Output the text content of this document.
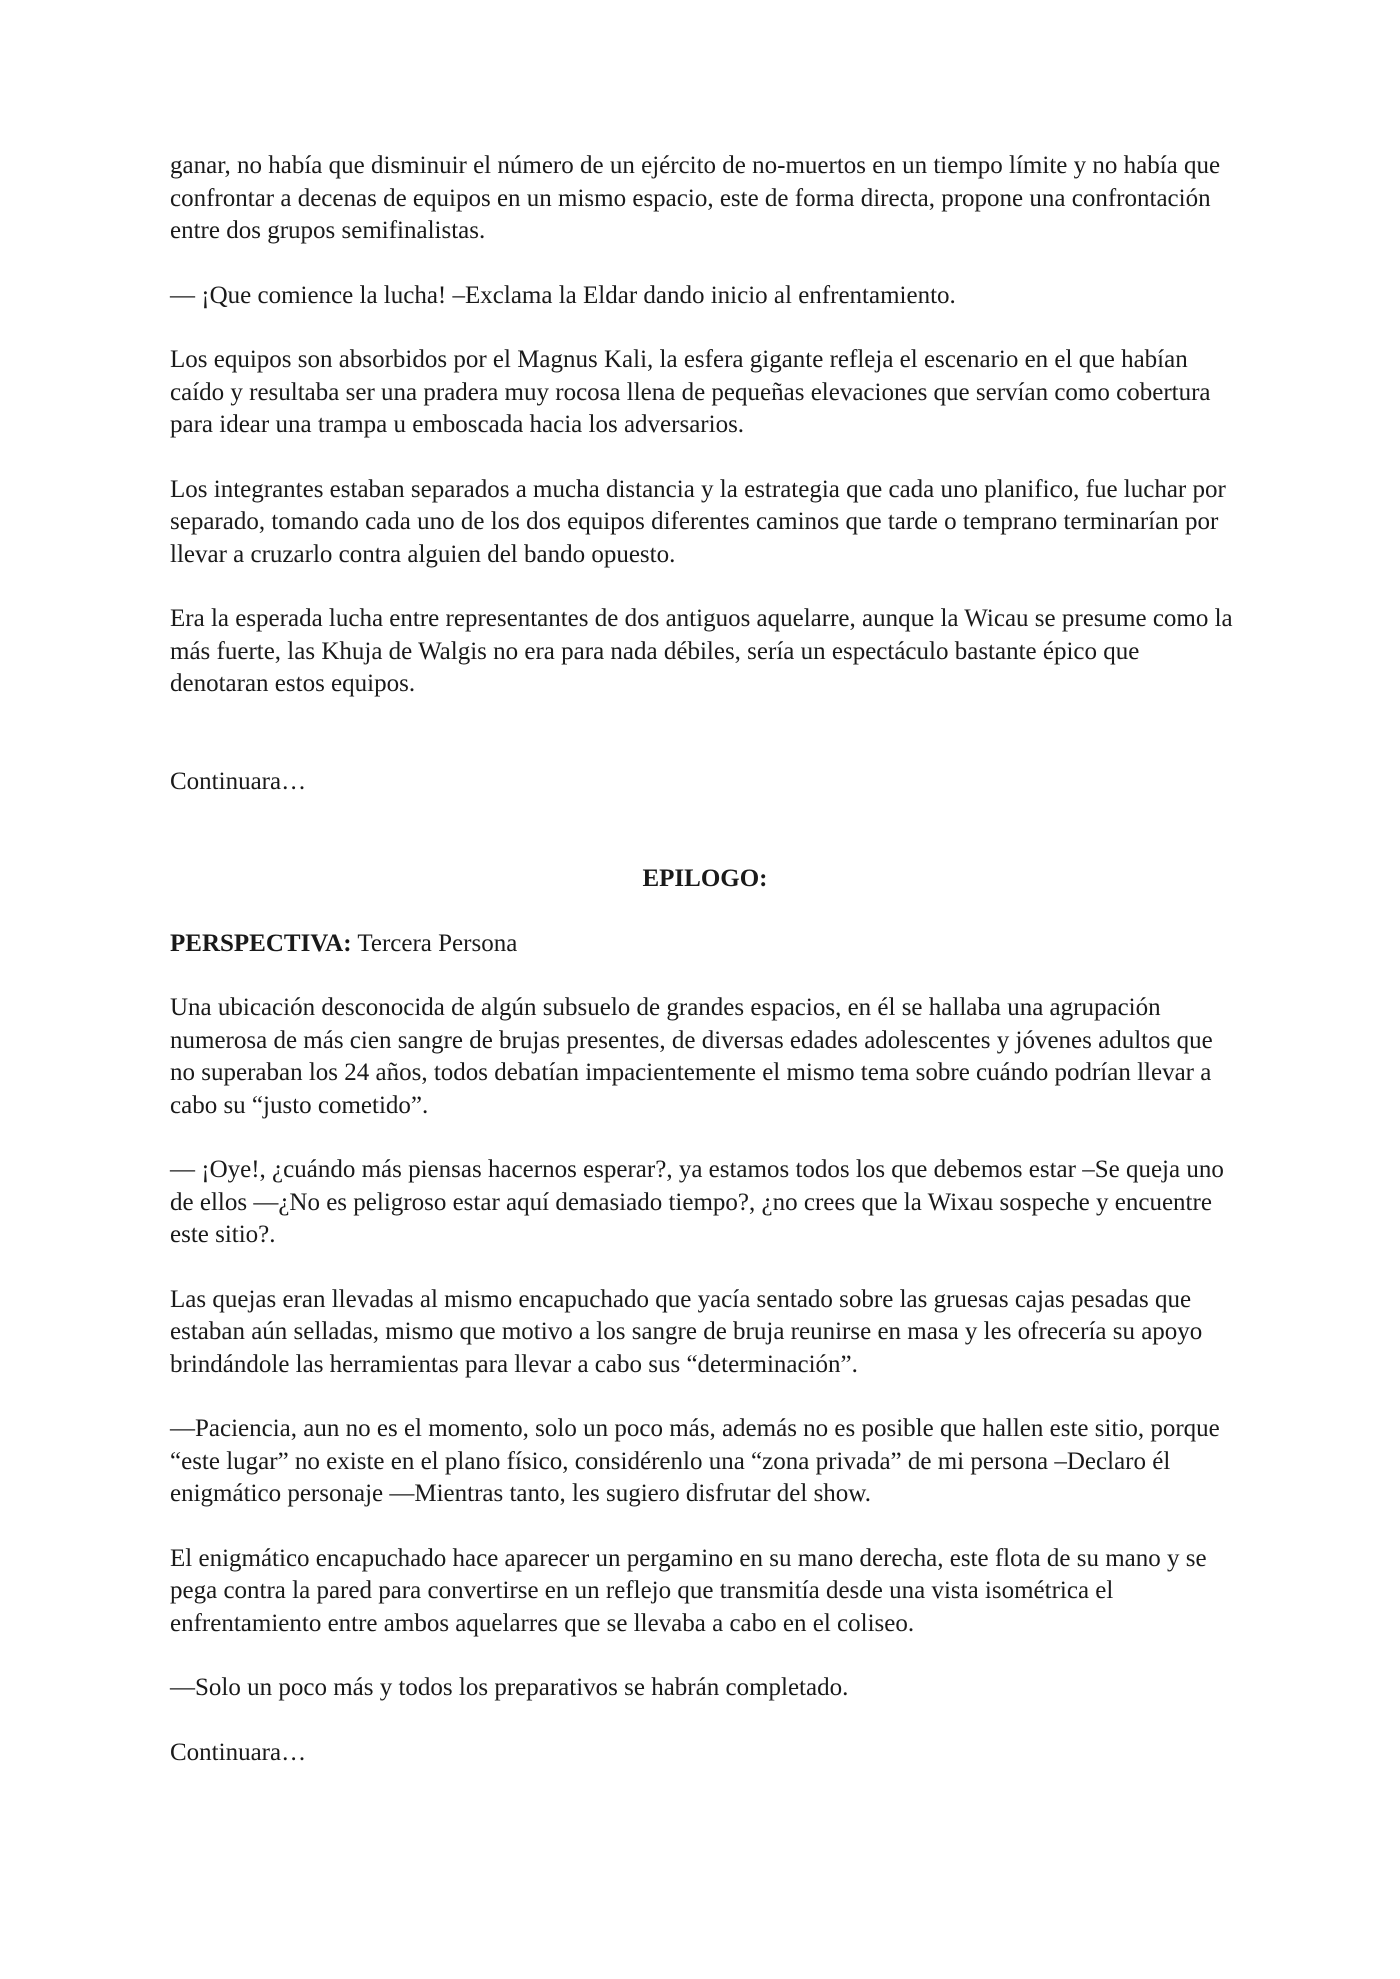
ganar, no había que disminuir el número de un ejército de no-muertos en un tiempo límite y no había que confrontar a decenas de equipos en un mismo espacio, este de forma directa, propone una confrontación entre dos grupos semifinalistas.

— ¡Que comience la lucha! –Exclama la Eldar dando inicio al enfrentamiento.

Los equipos son absorbidos por el Magnus Kali, la esfera gigante refleja el escenario en el que habían caído y resultaba ser una pradera muy rocosa llena de pequeñas elevaciones que servían como cobertura para idear una trampa u emboscada hacia los adversarios.

Los integrantes estaban separados a mucha distancia y la estrategia que cada uno planifico, fue luchar por separado, tomando cada uno de los dos equipos diferentes caminos que tarde o temprano terminarían por llevar a cruzarlo contra alguien del bando opuesto.

Era la esperada lucha entre representantes de dos antiguos aquelarre, aunque la Wicau se presume como la más fuerte, las Khuja de Walgis no era para nada débiles, sería un espectáculo bastante épico que denotaran estos equipos.

Continuara…

EPILOGO:

PERSPECTIVA: Tercera Persona

Una ubicación desconocida de algún subsuelo de grandes espacios, en él se hallaba una agrupación numerosa de más cien sangre de brujas presentes, de diversas edades adolescentes y jóvenes adultos que no superaban los 24 años, todos debatían impacientemente el mismo tema sobre cuándo podrían llevar a cabo su “justo cometido”.

— ¡Oye!, ¿cuándo más piensas hacernos esperar?, ya estamos todos los que debemos estar –Se queja uno de ellos —¿No es peligroso estar aquí demasiado tiempo?, ¿no crees que la Wixau sospeche y encuentre este sitio?.

Las quejas eran llevadas al mismo encapuchado que yacía sentado sobre las gruesas cajas pesadas que estaban aún selladas, mismo que motivo a los sangre de bruja reunirse en masa y les ofrecería su apoyo brindándole las herramientas para llevar a cabo sus “determinación”.

—Paciencia, aun no es el momento, solo un poco más, además no es posible que hallen este sitio, porque “este lugar” no existe en el plano físico, considérenlo una “zona privada” de mi persona –Declaro él enigmático personaje —Mientras tanto, les sugiero disfrutar del show.

El enigmático encapuchado hace aparecer un pergamino en su mano derecha, este flota de su mano y se pega contra la pared para convertirse en un reflejo que transmitía desde una vista isométrica el enfrentamiento entre ambos aquelarres que se llevaba a cabo en el coliseo.

—Solo un poco más y todos los preparativos se habrán completado.

Continuara…
